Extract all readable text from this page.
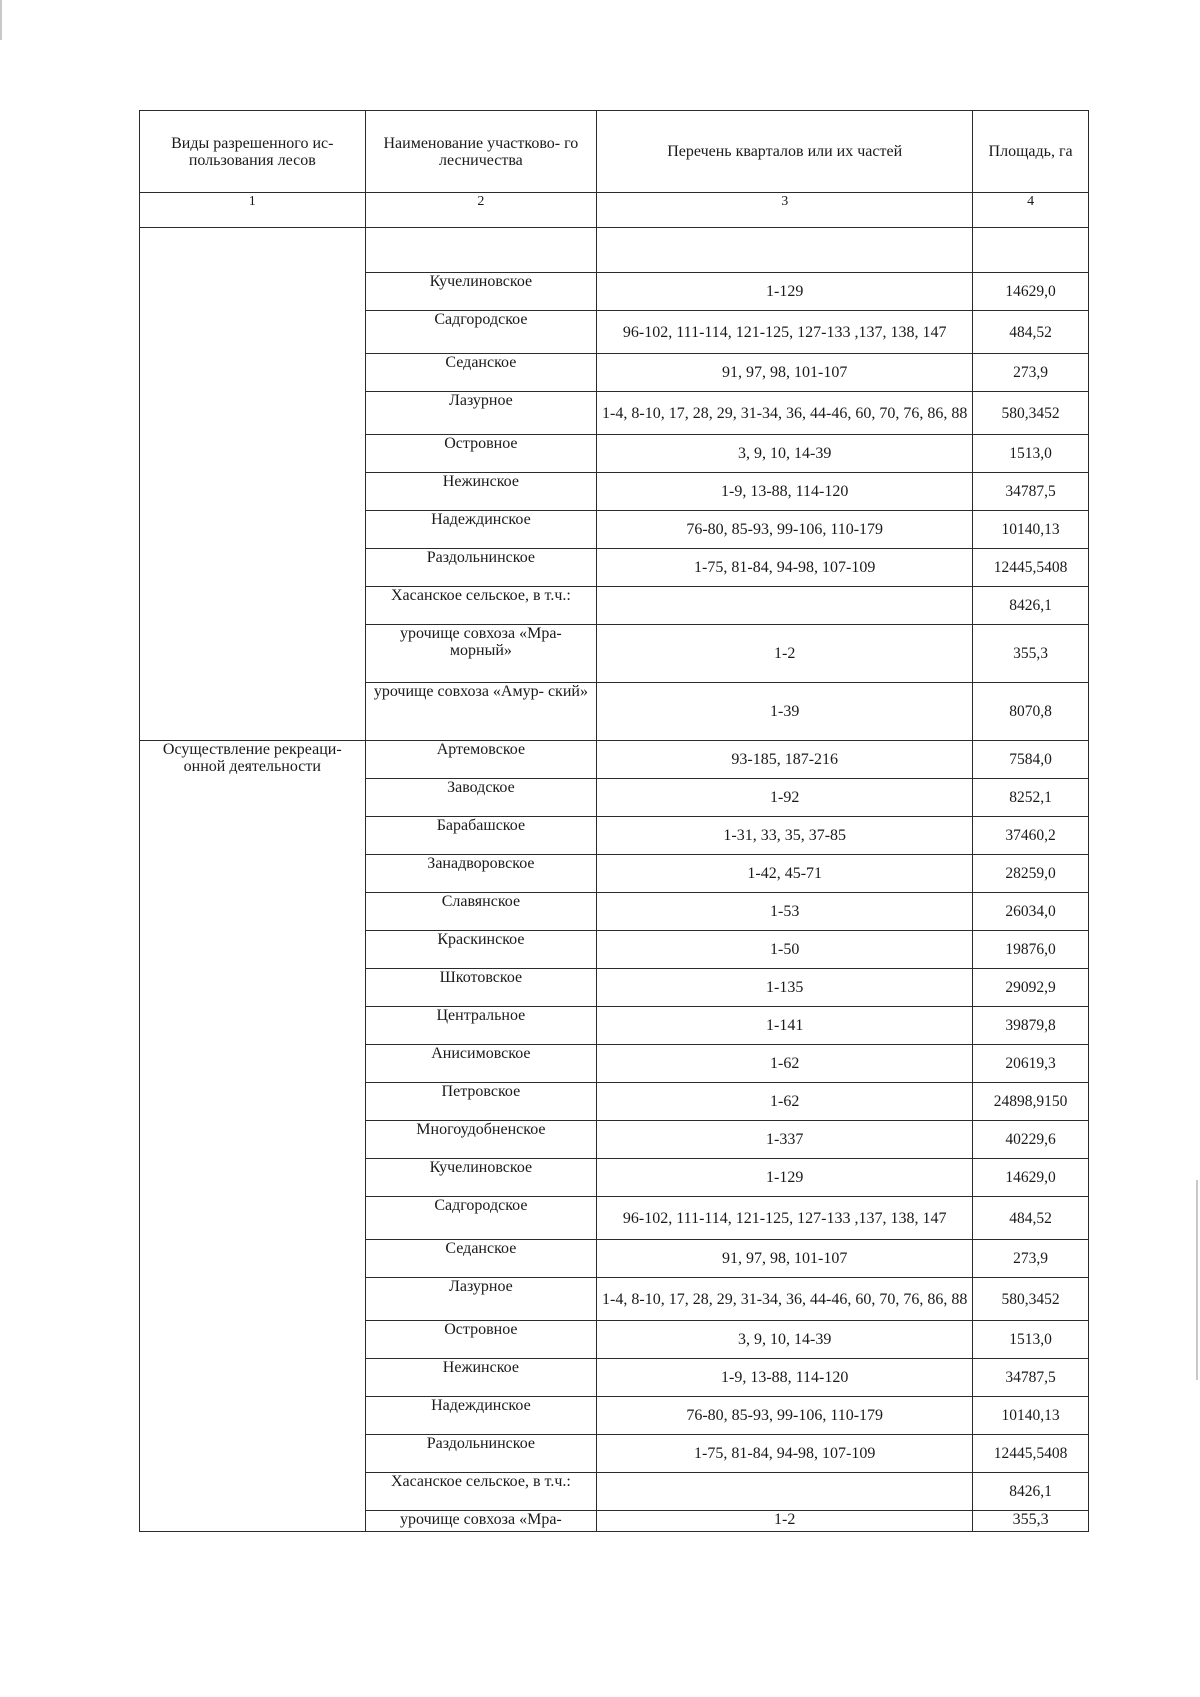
Виды разрешенного ис- пользования лесов	Наименование участково- го лесничества	Перечень кварталов или их частей	Площадь, га
1	2	3	4

	Кучелиновское	1-129	14629,0
	Садгородское	96-102, 111-114, 121-125, 127-133 ,137, 138, 147	484,52
	Седанское	91, 97, 98, 101-107	273,9
	Лазурное	1-4, 8-10, 17, 28, 29, 31-34, 36, 44-46, 60, 70, 76, 86, 88	580,3452
	Островное	3, 9, 10, 14-39	1513,0
	Нежинское	1-9, 13-88, 114-120	34787,5
	Надеждинское	76-80, 85-93, 99-106, 110-179	10140,13
	Раздольнинское	1-75, 81-84, 94-98, 107-109	12445,5408
	Хасанское сельское, в т.ч.:		8426,1
	урочище совхоза «Мра- морный»	1-2	355,3
	урочище совхоза «Амур- ский»	1-39	8070,8
Осуществление рекреаци- онной деятельности	Артемовское	93-185, 187-216	7584,0
	Заводское	1-92	8252,1
	Барабашское	1-31, 33, 35, 37-85	37460,2
	Занадворовское	1-42, 45-71	28259,0
	Славянское	1-53	26034,0
	Краскинское	1-50	19876,0
	Шкотовское	1-135	29092,9
	Центральное	1-141	39879,8
	Анисимовское	1-62	20619,3
	Петровское	1-62	24898,9150
	Многоудобненское	1-337	40229,6
	Кучелиновское	1-129	14629,0
	Садгородское	96-102, 111-114, 121-125, 127-133 ,137, 138, 147	484,52
	Седанское	91, 97, 98, 101-107	273,9
	Лазурное	1-4, 8-10, 17, 28, 29, 31-34, 36, 44-46, 60, 70, 76, 86, 88	580,3452
	Островное	3, 9, 10, 14-39	1513,0
	Нежинское	1-9, 13-88, 114-120	34787,5
	Надеждинское	76-80, 85-93, 99-106, 110-179	10140,13
	Раздольнинское	1-75, 81-84, 94-98, 107-109	12445,5408
	Хасанское сельское, в т.ч.:		8426,1
	урочище совхоза «Мра-	1-2	355,3
